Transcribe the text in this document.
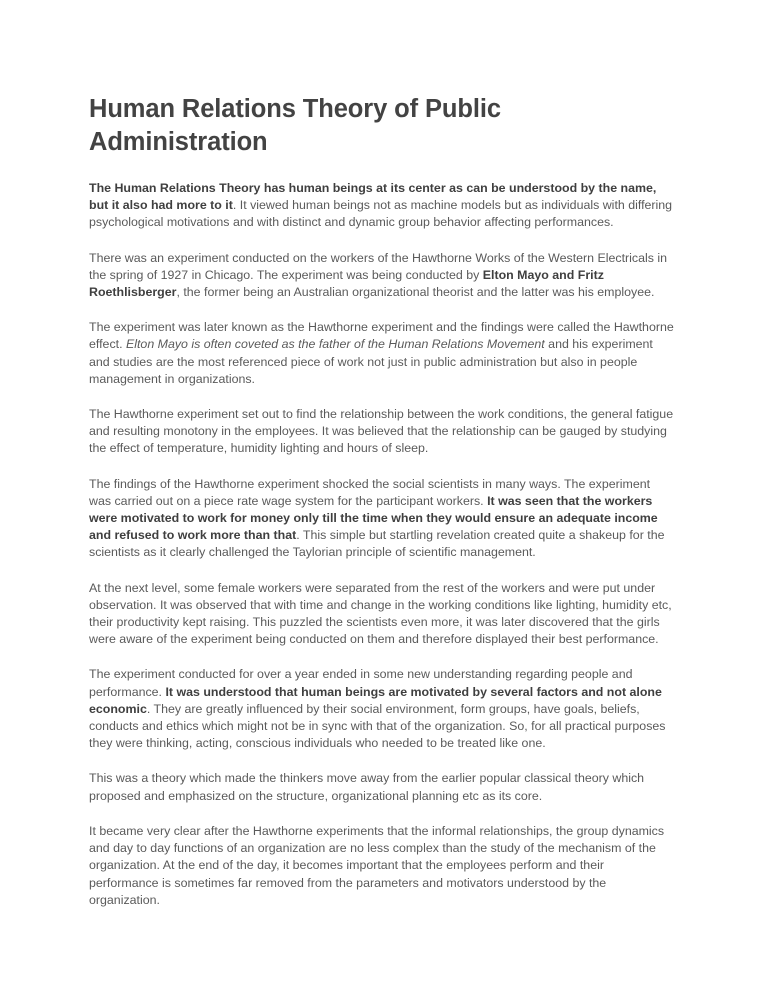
Human Relations Theory of Public Administration

The Human Relations Theory has human beings at its center as can be understood by the name, but it also had more to it. It viewed human beings not as machine models but as individuals with differing psychological motivations and with distinct and dynamic group behavior affecting performances.

There was an experiment conducted on the workers of the Hawthorne Works of the Western Electricals in the spring of 1927 in Chicago. The experiment was being conducted by Elton Mayo and Fritz Roethlisberger, the former being an Australian organizational theorist and the latter was his employee.

The experiment was later known as the Hawthorne experiment and the findings were called the Hawthorne effect. Elton Mayo is often coveted as the father of the Human Relations Movement and his experiment and studies are the most referenced piece of work not just in public administration but also in people management in organizations.

The Hawthorne experiment set out to find the relationship between the work conditions, the general fatigue and resulting monotony in the employees. It was believed that the relationship can be gauged by studying the effect of temperature, humidity lighting and hours of sleep.

The findings of the Hawthorne experiment shocked the social scientists in many ways. The experiment was carried out on a piece rate wage system for the participant workers. It was seen that the workers were motivated to work for money only till the time when they would ensure an adequate income and refused to work more than that. This simple but startling revelation created quite a shakeup for the scientists as it clearly challenged the Taylorian principle of scientific management.

At the next level, some female workers were separated from the rest of the workers and were put under observation. It was observed that with time and change in the working conditions like lighting, humidity etc, their productivity kept raising. This puzzled the scientists even more, it was later discovered that the girls were aware of the experiment being conducted on them and therefore displayed their best performance.

The experiment conducted for over a year ended in some new understanding regarding people and performance. It was understood that human beings are motivated by several factors and not alone economic. They are greatly influenced by their social environment, form groups, have goals, beliefs, conducts and ethics which might not be in sync with that of the organization. So, for all practical purposes they were thinking, acting, conscious individuals who needed to be treated like one.

This was a theory which made the thinkers move away from the earlier popular classical theory which proposed and emphasized on the structure, organizational planning etc as its core.

It became very clear after the Hawthorne experiments that the informal relationships, the group dynamics and day to day functions of an organization are no less complex than the study of the mechanism of the organization. At the end of the day, it becomes important that the employees perform and their performance is sometimes far removed from the parameters and motivators understood by the organization.
